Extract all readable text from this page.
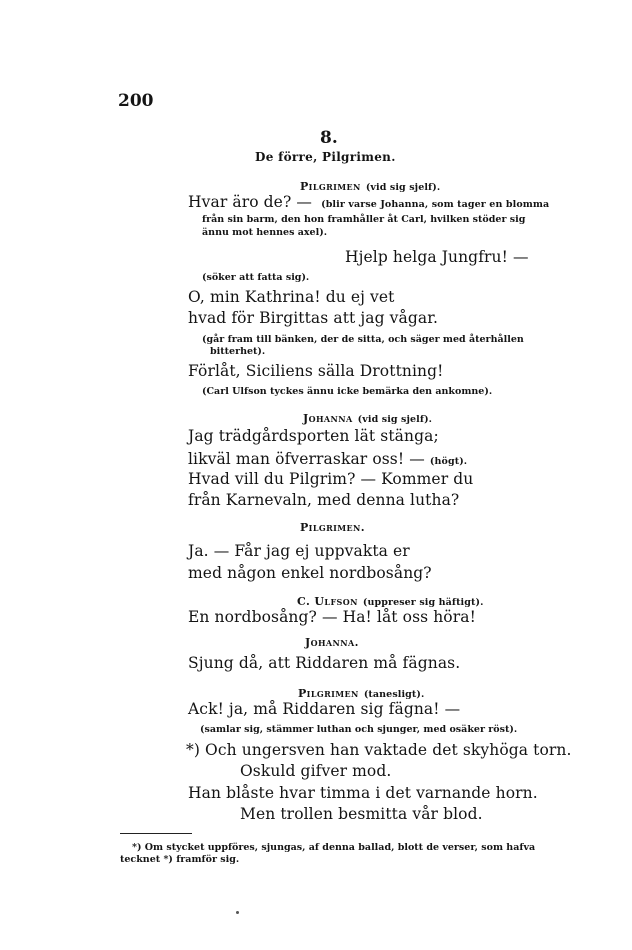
200
8.
De förre, Pilgrimen.
Pilgrimen (vid sig sjelf).
Hvar äro de? — (blir varse Johanna, som tager en blomma
från sin barm, den hon framhåller åt Carl, hvilken stöder sig
ännu mot hennes axel).
Hjelp helga Jungfru! —
(söker att fatta sig).
O, min Kathrina! du ej vet
hvad för Birgittas att jag vågar.
(går fram till bänken, der de sitta, och säger med återhållen
bitterhet).
Förlåt, Siciliens sälla Drottning!
(Carl Ulfson tyckes ännu icke bemärka den ankomne).
Johanna (vid sig sjelf).
Jag trädgårdsporten lät stänga;
likväl man öfverraskar oss! — (högt).
Hvad vill du Pilgrim? — Kommer du
från Karnevaln, med denna lutha?
Pilgrimen.
Ja. — Får jag ej uppvakta er
med någon enkel nordbosång?
C. Ulfson (uppreser sig häftigt).
En nordbosång? — Ha! låt oss höra!
Johanna.
Sjung då, att Riddaren må fägnas.
Pilgrimen (tanesligt).
Ack! ja, må Riddaren sig fägna! —
(samlar sig, stämmer luthan och sjunger, med osäker röst).
*) Och ungersven han vaktade det skyhöga torn.
Oskuld gifver mod.
Han blåste hvar timma i det varnande horn.
Men trollen besmitta vår blod.
*) Om stycket uppföres, sjungas, af denna ballad, blott de verser, som hafva
tecknet *) framför sig.
